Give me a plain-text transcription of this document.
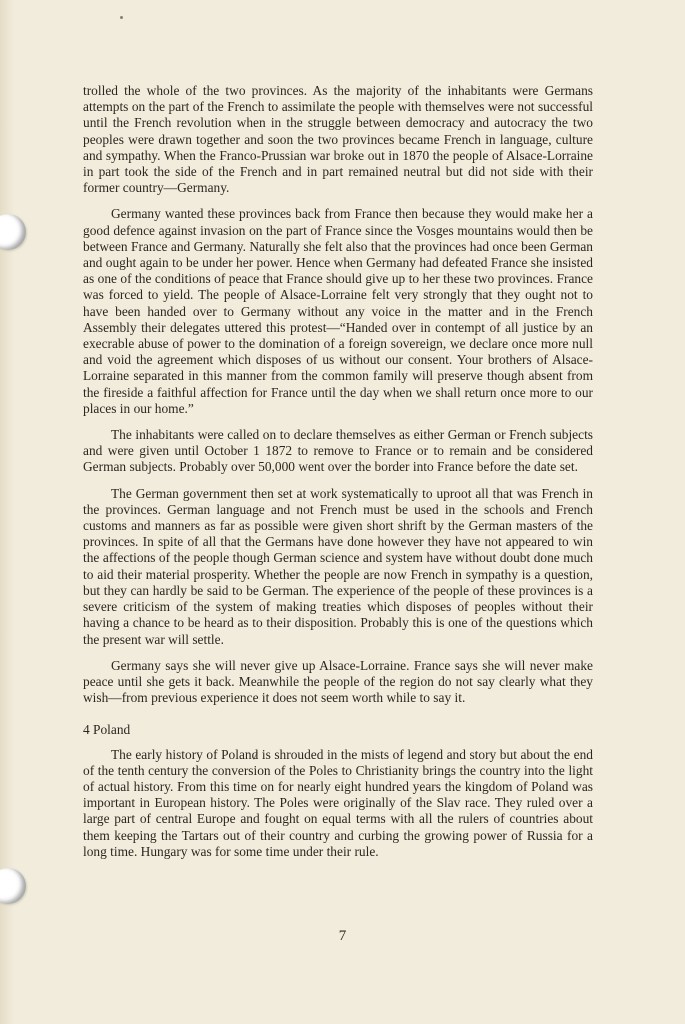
trolled the whole of the two provinces. As the majority of the inhabitants were Germans attempts on the part of the French to assimilate the people with themselves were not successful until the French revolution when in the struggle between democracy and autocracy the two peoples were drawn together and soon the two provinces became French in language, culture and sympathy. When the Franco-Prussian war broke out in 1870 the people of Alsace-Lorraine in part took the side of the French and in part remained neutral but did not side with their former country—Germany.

Germany wanted these provinces back from France then because they would make her a good defence against invasion on the part of France since the Vosges mountains would then be between France and Germany. Naturally she felt also that the provinces had once been German and ought again to be under her power. Hence when Germany had defeated France she insisted as one of the conditions of peace that France should give up to her these two provinces. France was forced to yield. The people of Alsace-Lorraine felt very strongly that they ought not to have been handed over to Germany without any voice in the matter and in the French Assembly their delegates uttered this protest—“Handed over in contempt of all justice by an execrable abuse of power to the domination of a foreign sovereign, we declare once more null and void the agreement which disposes of us without our consent. Your brothers of Alsace-Lorraine separated in this manner from the common family will preserve though absent from the fireside a faithful affection for France until the day when we shall return once more to our places in our home.”

The inhabitants were called on to declare themselves as either German or French subjects and were given until October 1 1872 to remove to France or to remain and be considered German subjects. Probably over 50,000 went over the border into France before the date set.

The German government then set at work systematically to uproot all that was French in the provinces. German language and not French must be used in the schools and French customs and manners as far as possible were given short shrift by the German masters of the provinces. In spite of all that the Germans have done however they have not appeared to win the affections of the people though German science and system have without doubt done much to aid their material prosperity. Whether the people are now French in sympathy is a question, but they can hardly be said to be German. The experience of the people of these provinces is a severe criticism of the system of making treaties which disposes of peoples without their having a chance to be heard as to their disposition. Probably this is one of the questions which the present war will settle.

Germany says she will never give up Alsace-Lorraine. France says she will never make peace until she gets it back. Meanwhile the people of the region do not say clearly what they wish—from previous experience it does not seem worth while to say it.

4 Poland

The early history of Poland is shrouded in the mists of legend and story but about the end of the tenth century the conversion of the Poles to Christianity brings the country into the light of actual history. From this time on for nearly eight hundred years the kingdom of Poland was important in European history. The Poles were originally of the Slav race. They ruled over a large part of central Europe and fought on equal terms with all the rulers of countries about them keeping the Tartars out of their country and curbing the growing power of Russia for a long time. Hungary was for some time under their rule.

7
